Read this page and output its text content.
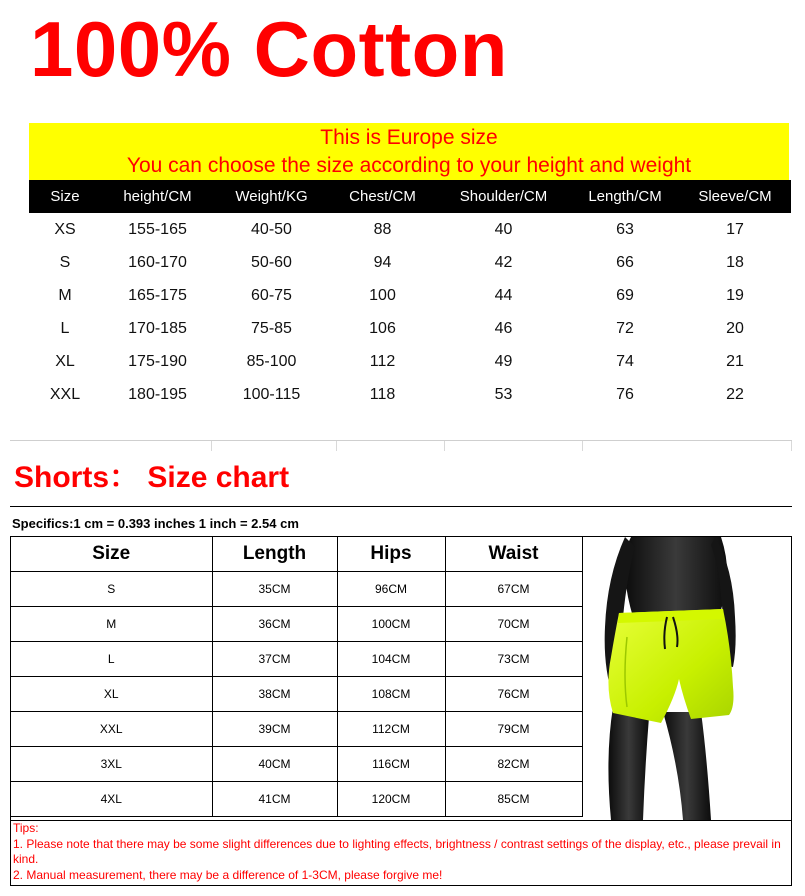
100% Cotton
This is Europe size
You can choose the size according to your height and weight
Size	height/CM	Weight/KG	Chest/CM	Shoulder/CM	Length/CM	Sleeve/CM
XS	155-165	40-50	88	40	63	17
S	160-170	50-60	94	42	66	18
M	165-175	60-75	100	44	69	19
L	170-185	75-85	106	46	72	20
XL	175-190	85-100	112	49	74	21
XXL	180-195	100-115	118	53	76	22
Shorts： Size chart
Specifics:1 cm = 0.393 inches 1 inch = 2.54 cm
Size	Length	Hips	Waist
S	35CM	96CM	67CM
M	36CM	100CM	70CM
L	37CM	104CM	73CM
XL	38CM	108CM	76CM
XXL	39CM	112CM	79CM
3XL	40CM	116CM	82CM
4XL	41CM	120CM	85CM
Tips:
1. Please note that there may be some slight differences due to lighting effects, brightness / contrast settings of the display, etc., please prevail in kind.
2. Manual measurement, there may be a difference of 1-3CM, please forgive me!
